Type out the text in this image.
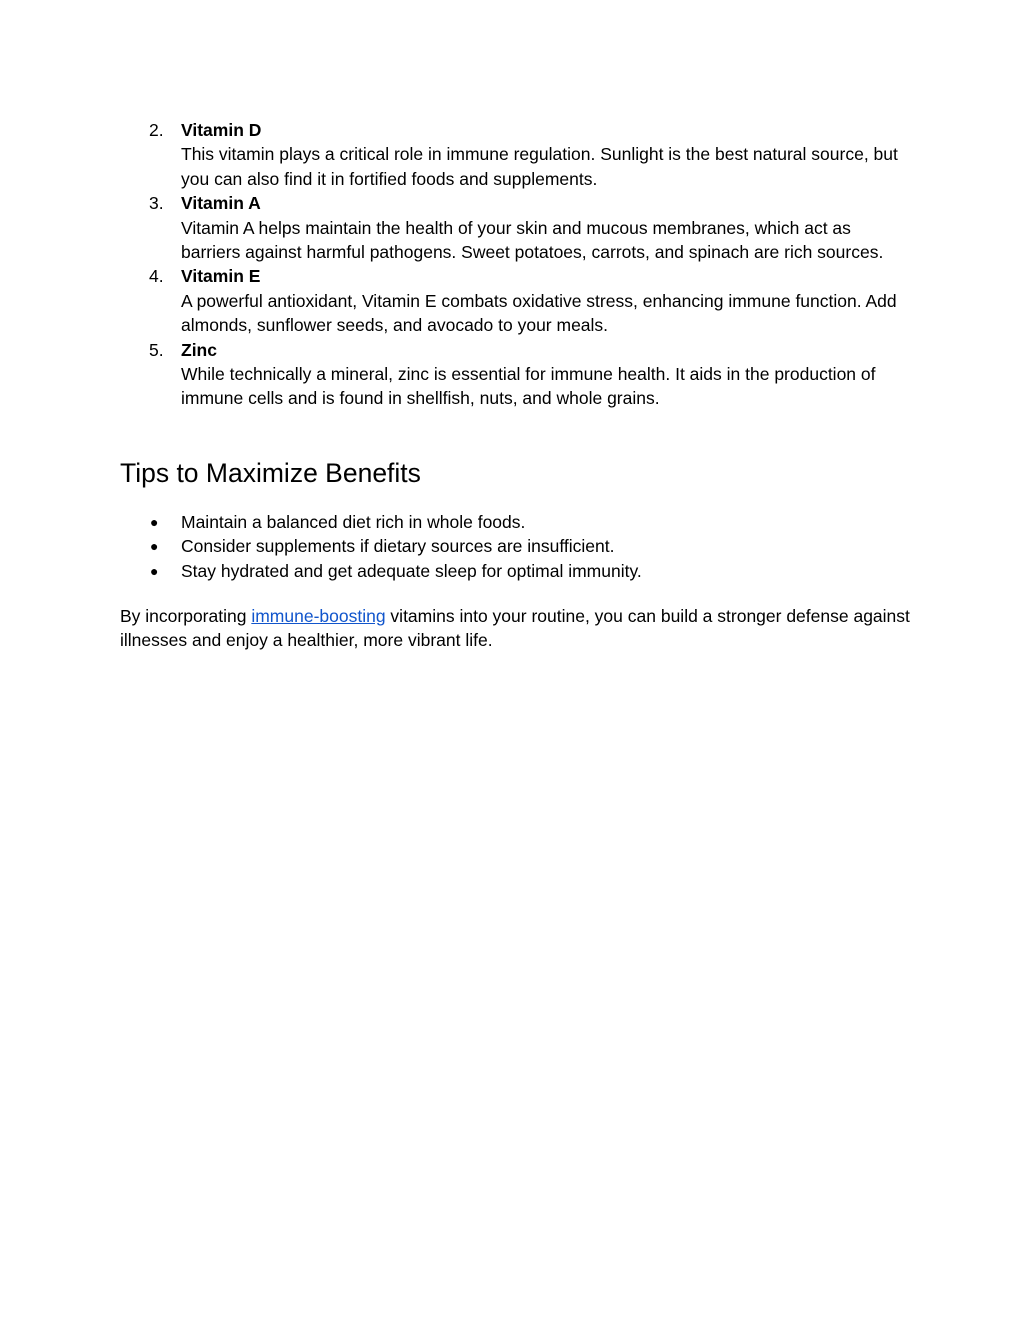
2. Vitamin D
This vitamin plays a critical role in immune regulation. Sunlight is the best natural source, but you can also find it in fortified foods and supplements.
3. Vitamin A
Vitamin A helps maintain the health of your skin and mucous membranes, which act as barriers against harmful pathogens. Sweet potatoes, carrots, and spinach are rich sources.
4. Vitamin E
A powerful antioxidant, Vitamin E combats oxidative stress, enhancing immune function. Add almonds, sunflower seeds, and avocado to your meals.
5. Zinc
While technically a mineral, zinc is essential for immune health. It aids in the production of immune cells and is found in shellfish, nuts, and whole grains.
Tips to Maximize Benefits
● Maintain a balanced diet rich in whole foods.
● Consider supplements if dietary sources are insufficient.
● Stay hydrated and get adequate sleep for optimal immunity.

By incorporating immune-boosting vitamins into your routine, you can build a stronger defense against illnesses and enjoy a healthier, more vibrant life.
